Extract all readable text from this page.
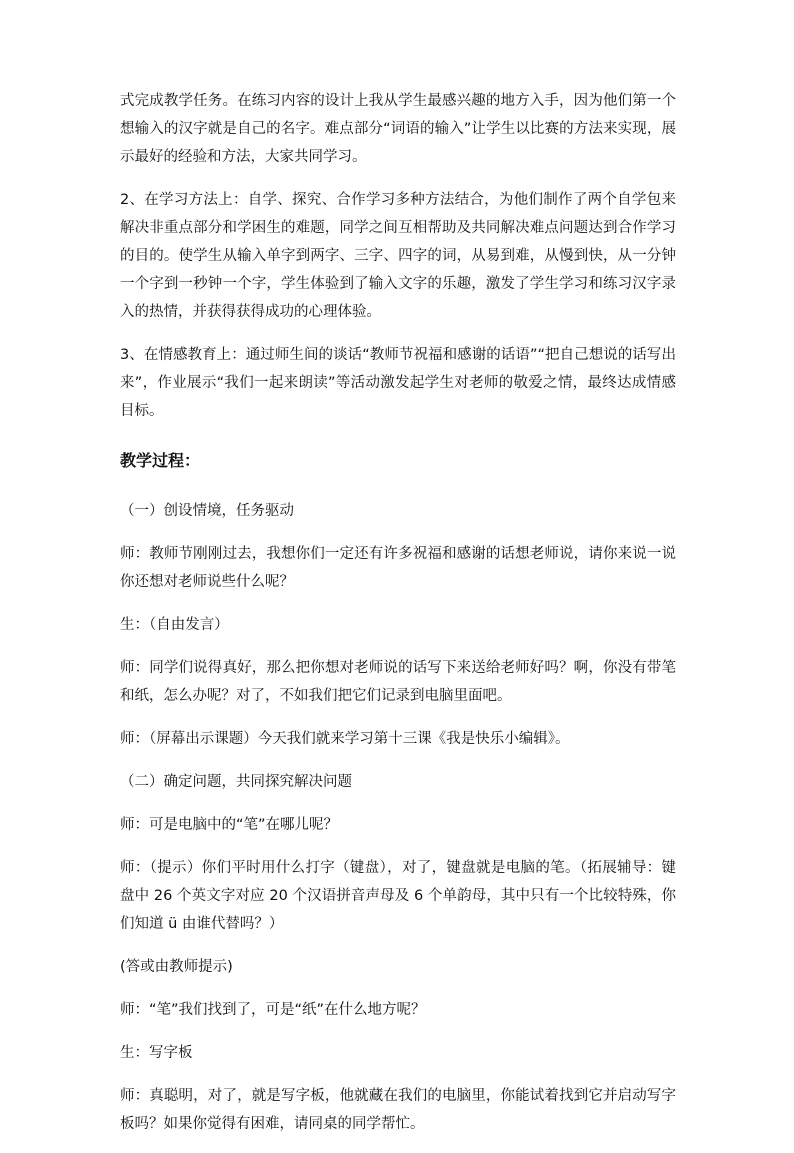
式完成教学任务。在练习内容的设计上我从学生最感兴趣的地方入手，因为他们第一个想输入的汉字就是自己的名字。难点部分“词语的输入”让学生以比赛的方法来实现，展示最好的经验和方法，大家共同学习。

2、在学习方法上：自学、探究、合作学习多种方法结合，为他们制作了两个自学包来解决非重点部分和学困生的难题，同学之间互相帮助及共同解决难点问题达到合作学习的目的。使学生从输入单字到两字、三字、四字的词，从易到难，从慢到快，从一分钟一个字到一秒钟一个字，学生体验到了输入文字的乐趣，激发了学生学习和练习汉字录入的热情，并获得获得成功的心理体验。

3、在情感教育上：通过师生间的谈话“教师节祝福和感谢的话语”“把自己想说的话写出来”，作业展示“我们一起来朗读”等活动激发起学生对老师的敬爱之情，最终达成情感目标。

教学过程：

（一）创设情境，任务驱动

师：教师节刚刚过去，我想你们一定还有许多祝福和感谢的话想老师说，请你来说一说你还想对老师说些什么呢？

生：（自由发言）

师：同学们说得真好，那么把你想对老师说的话写下来送给老师好吗？啊，你没有带笔和纸，怎么办呢？对了，不如我们把它们记录到电脑里面吧。

师：（屏幕出示课题）今天我们就来学习第十三课《我是快乐小编辑》。

（二）确定问题，共同探究解决问题

师：可是电脑中的“笔”在哪儿呢？

师：（提示）你们平时用什么打字（键盘），对了，键盘就是电脑的笔。（拓展辅导：键盘中 26 个英文字对应 20 个汉语拼音声母及 6 个单韵母，其中只有一个比较特殊，你们知道 ü 由谁代替吗？）

(答或由教师提示)

师：“笔”我们找到了，可是“纸”在什么地方呢？

生：写字板

师：真聪明，对了，就是写字板，他就藏在我们的电脑里，你能试着找到它并启动写字板吗？如果你觉得有困难，请同桌的同学帮忙。
